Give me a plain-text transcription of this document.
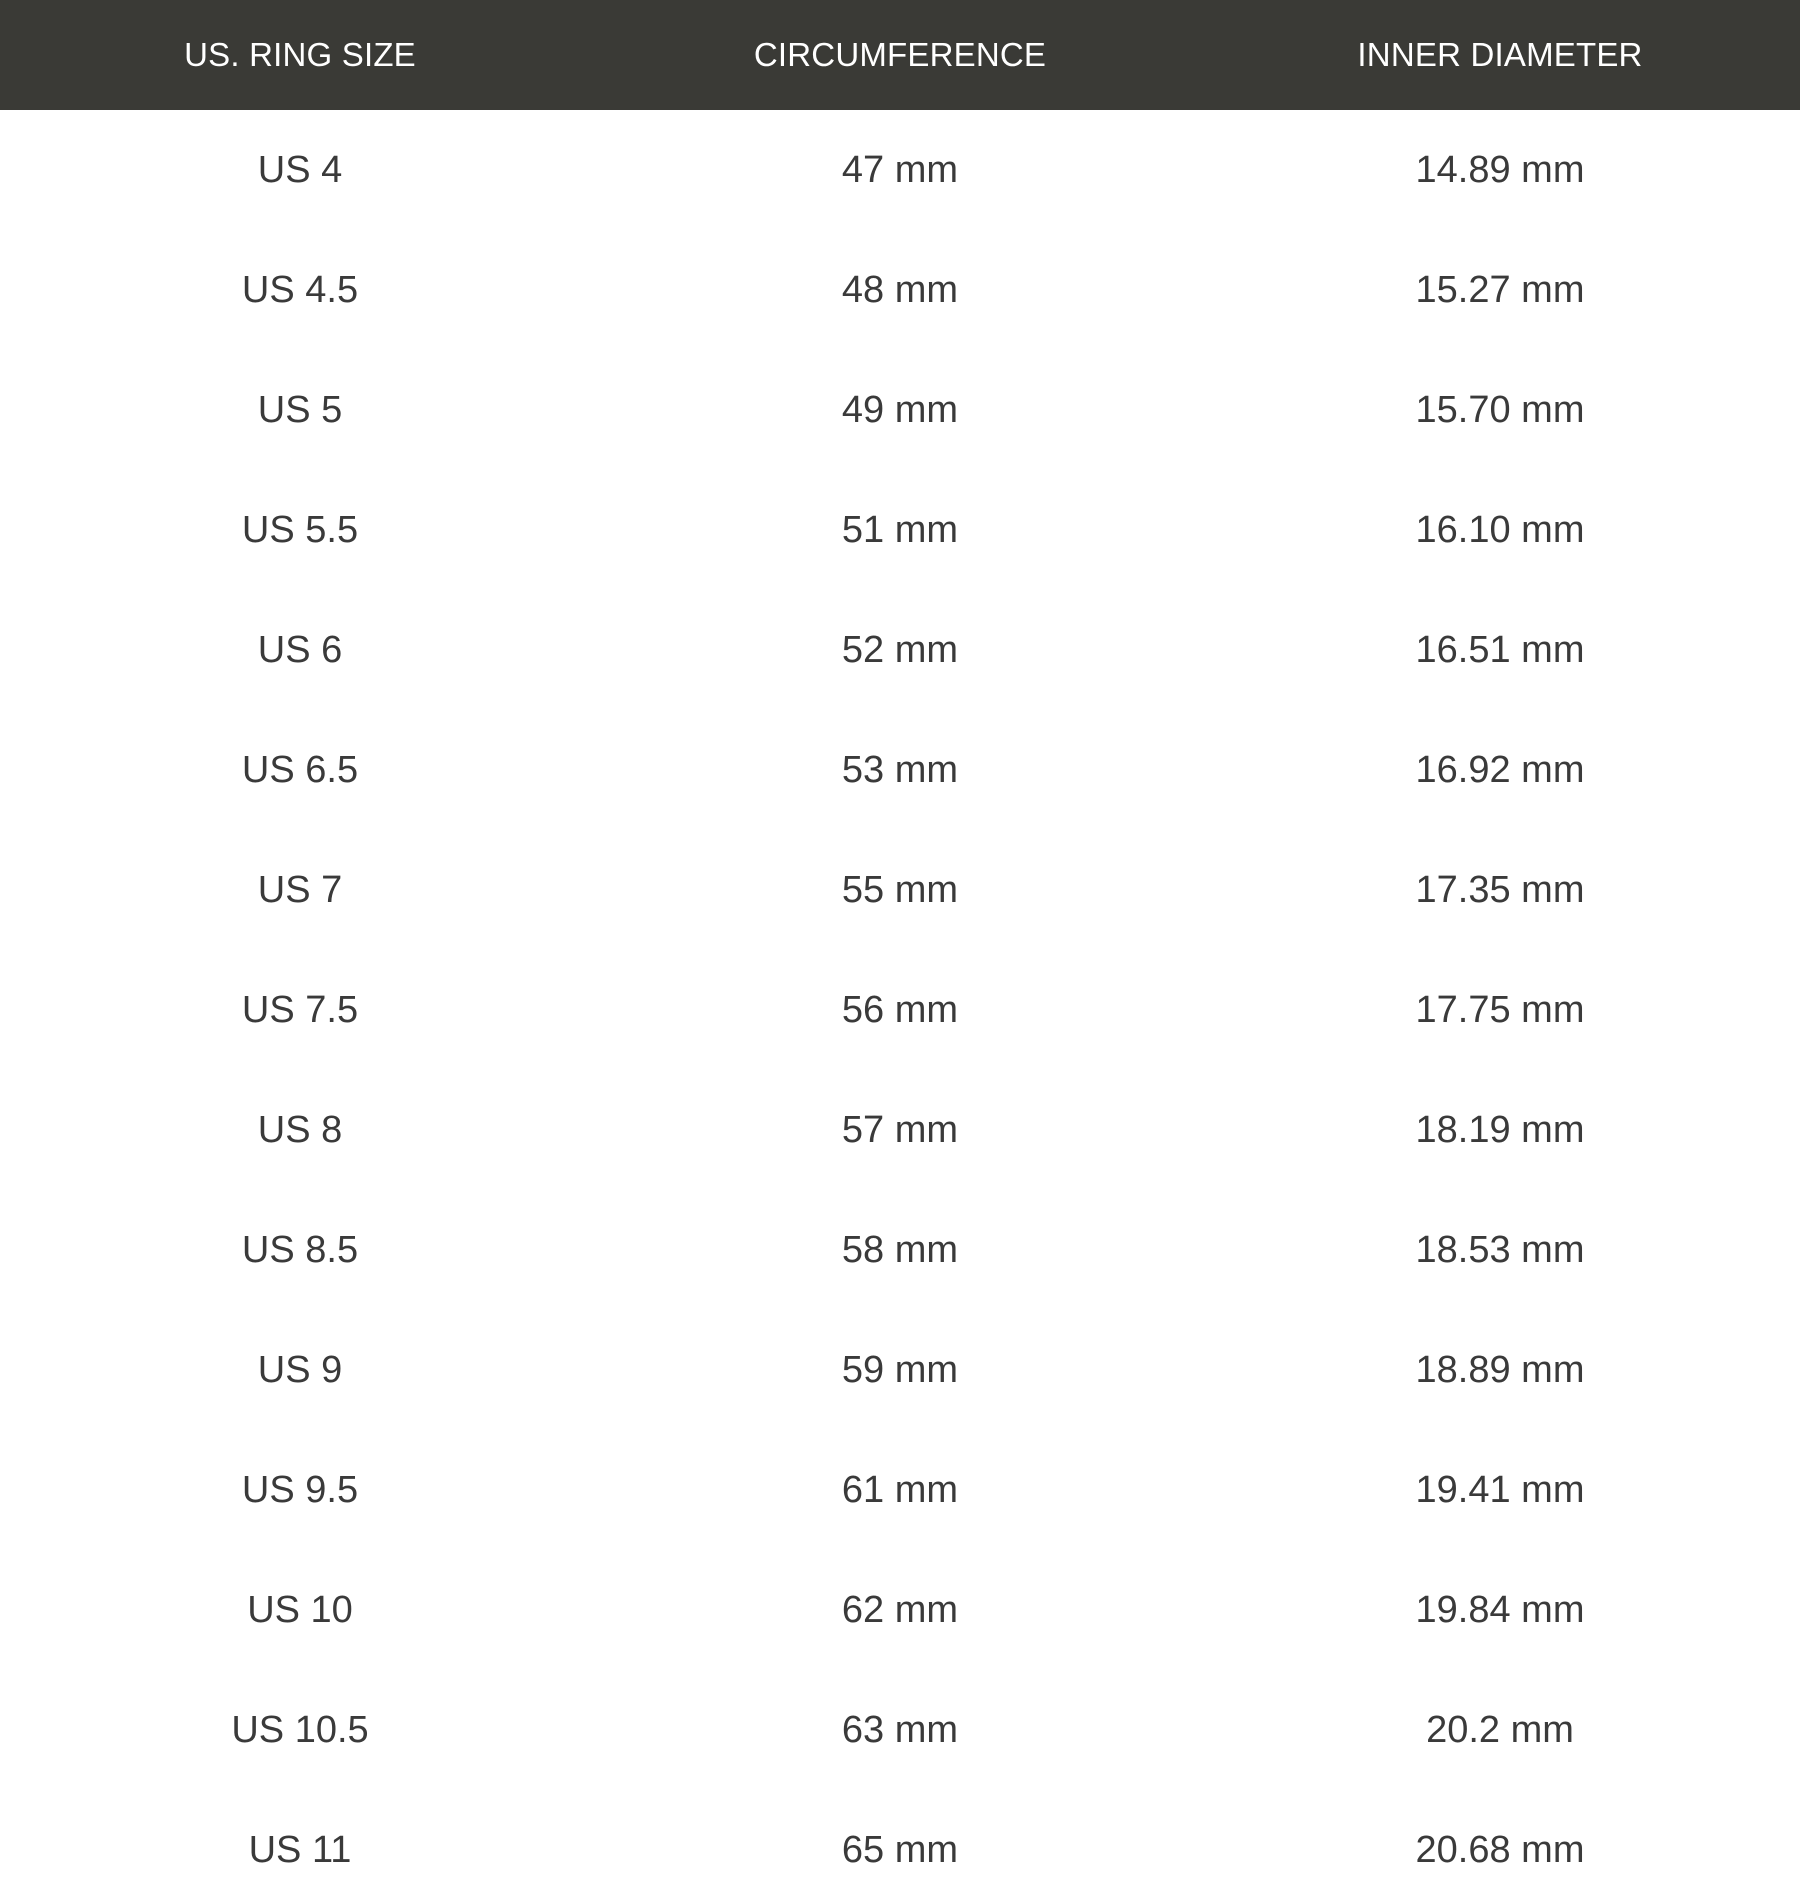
US. RING SIZE	CIRCUMFERENCE	INNER DIAMETER
US 4	47 mm	14.89 mm
US 4.5	48 mm	15.27 mm
US 5	49 mm	15.70 mm
US 5.5	51 mm	16.10 mm
US 6	52 mm	16.51 mm
US 6.5	53 mm	16.92 mm
US 7	55 mm	17.35 mm
US 7.5	56 mm	17.75 mm
US 8	57 mm	18.19 mm
US 8.5	58 mm	18.53 mm
US 9	59 mm	18.89 mm
US 9.5	61 mm	19.41 mm
US 10	62 mm	19.84 mm
US 10.5	63 mm	20.2 mm
US 11	65 mm	20.68 mm
